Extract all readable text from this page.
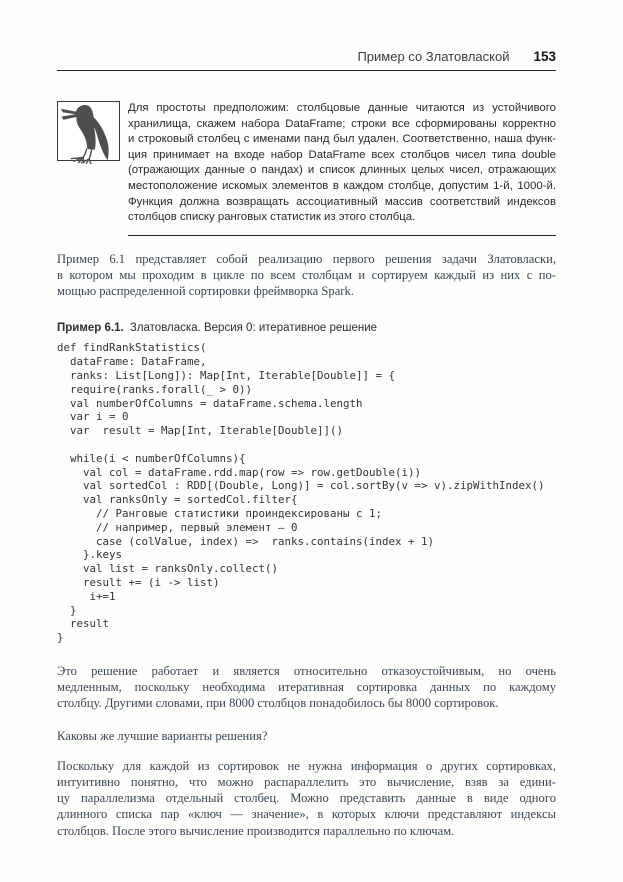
Пример со Златовлаской 153
Для простоты предположим: столбцовые данные читаются из устойчивого
хранилища, скажем набора DataFrame; строки все сформированы корректно
и строковый столбец с именами панд был удален. Соответственно, наша функ-
ция принимает на входе набор DataFrame всех столбцов чисел типа double
(отражающих данные о пандах) и список длинных целых чисел, отражающих
местоположение искомых элементов в каждом столбце, допустим 1-й, 1000-й.
Функция должна возвращать ассоциативный массив соответствий индексов
столбцов списку ранговых статистик из этого столбца.
Пример 6.1 представляет собой реализацию первого решения задачи Златовласки,
в котором мы проходим в цикле по всем столбцам и сортируем каждый из них с по-
мощью распределенной сортировки фреймворка Spark.
Пример 6.1. Златовласка. Версия 0: итеративное решение
def findRankStatistics(
dataFrame: DataFrame,
ranks: List[Long]): Map[Int, Iterable[Double]] = {
require(ranks.forall(_ > 0))
val numberOfColumns = dataFrame.schema.length
var i = 0
var  result = Map[Int, Iterable[Double]]()

while(i < numberOfColumns){
val col = dataFrame.rdd.map(row => row.getDouble(i))
val sortedCol : RDD[(Double, Long)] = col.sortBy(v => v).zipWithIndex()
val ranksOnly = sortedCol.filter{
// Ранговые статистики проиндексированы с 1;
// например, первый элемент — 0
case (colValue, index) =>  ranks.contains(index + 1)
}.keys
val list = ranksOnly.collect()
result += (i -> list)
i+=1
}
result
}
Это решение работает и является относительно отказоустойчивым, но очень
медленным, поскольку необходима итеративная сортировка данных по каждому
столбцу. Другими словами, при 8000 столбцов понадобилось бы 8000 сортировок.
Каковы же лучшие варианты решения?
Поскольку для каждой из сортировок не нужна информация о других сортировках,
интуитивно понятно, что можно распараллелить это вычисление, взяв за едини-
цу параллелизма отдельный столбец. Можно представить данные в виде одного
длинного списка пар «ключ — значение», в которых ключи представляют индексы
столбцов. После этого вычисление производится параллельно по ключам.
